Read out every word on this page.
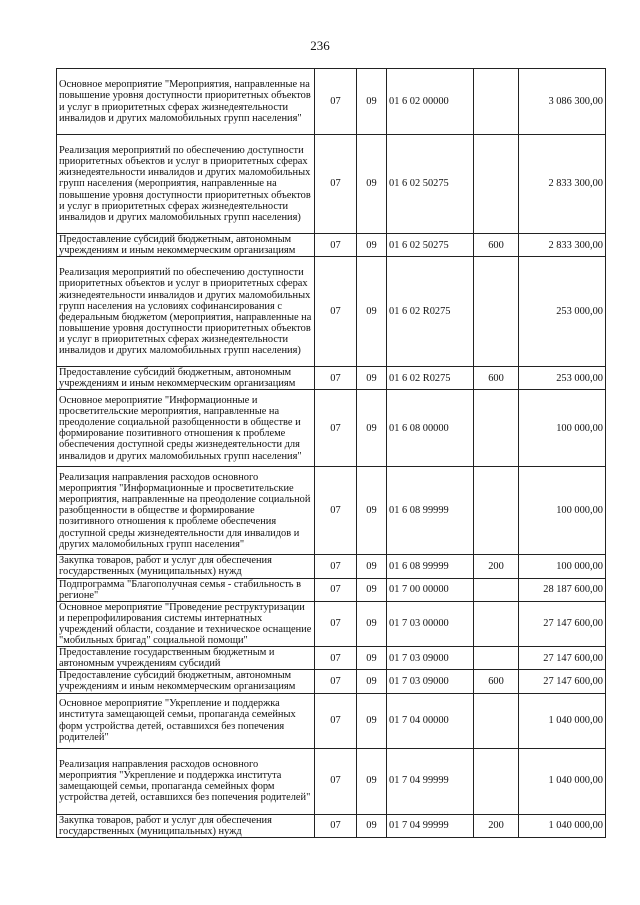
236
Основное мероприятие "Мероприятия, направленные на повышение уровня доступности приоритетных объектов и услуг в приоритетных сферах жизнедеятельности инвалидов и других маломобильных групп населения"	07	09	01 6 02 00000		3 086 300,00
Реализация мероприятий по обеспечению доступности приоритетных объектов и услуг в приоритетных сферах жизнедеятельности инвалидов и других маломобильных групп населения (мероприятия, направленные на повышение уровня доступности приоритетных объектов и услуг в приоритетных сферах жизнедеятельности инвалидов и других маломобильных групп населения)	07	09	01 6 02 50275		2 833 300,00
Предоставление субсидий бюджетным, автономным учреждениям и иным некоммерческим организациям	07	09	01 6 02 50275	600	2 833 300,00
Реализация мероприятий по обеспечению доступности приоритетных объектов и услуг в приоритетных сферах жизнедеятельности инвалидов и других маломобильных групп населения на условиях софинансирования с федеральным бюджетом (мероприятия, направленные на повышение уровня доступности приоритетных объектов и услуг в приоритетных сферах жизнедеятельности инвалидов и других маломобильных групп населения)	07	09	01 6 02 R0275		253 000,00
Предоставление субсидий бюджетным, автономным учреждениям и иным некоммерческим организациям	07	09	01 6 02 R0275	600	253 000,00
Основное мероприятие "Информационные и просветительские мероприятия, направленные на преодоление социальной разобщенности в обществе и формирование позитивного отношения к проблеме обеспечения доступной среды жизнедеятельности для инвалидов и других маломобильных групп населения"	07	09	01 6 08 00000		100 000,00
Реализация направления расходов основного мероприятия "Информационные и просветительские мероприятия, направленные на преодоление социальной разобщенности в обществе и формирование позитивного отношения к проблеме обеспечения доступной среды жизнедеятельности для инвалидов и других маломобильных групп населения"	07	09	01 6 08 99999		100 000,00
Закупка товаров, работ и услуг для обеспечения государственных (муниципальных) нужд	07	09	01 6 08 99999	200	100 000,00
Подпрограмма "Благополучная семья - стабильность в регионе"	07	09	01 7 00 00000		28 187 600,00
Основное мероприятие "Проведение реструктуризации и перепрофилирования системы интернатных учреждений области, создание и техническое оснащение "мобильных бригад" социальной помощи"	07	09	01 7 03 00000		27 147 600,00
Предоставление государственным бюджетным и автономным учреждениям субсидий	07	09	01 7 03 09000		27 147 600,00
Предоставление субсидий бюджетным, автономным учреждениям и иным некоммерческим организациям	07	09	01 7 03 09000	600	27 147 600,00
Основное мероприятие "Укрепление и поддержка института замещающей семьи, пропаганда семейных форм устройства детей, оставшихся без попечения родителей"	07	09	01 7 04 00000		1 040 000,00
Реализация направления расходов основного мероприятия "Укрепление и поддержка института замещающей семьи, пропаганда семейных форм устройства детей, оставшихся без попечения родителей"	07	09	01 7 04 99999		1 040 000,00
Закупка товаров, работ и услуг для обеспечения государственных (муниципальных) нужд	07	09	01 7 04 99999	200	1 040 000,00
